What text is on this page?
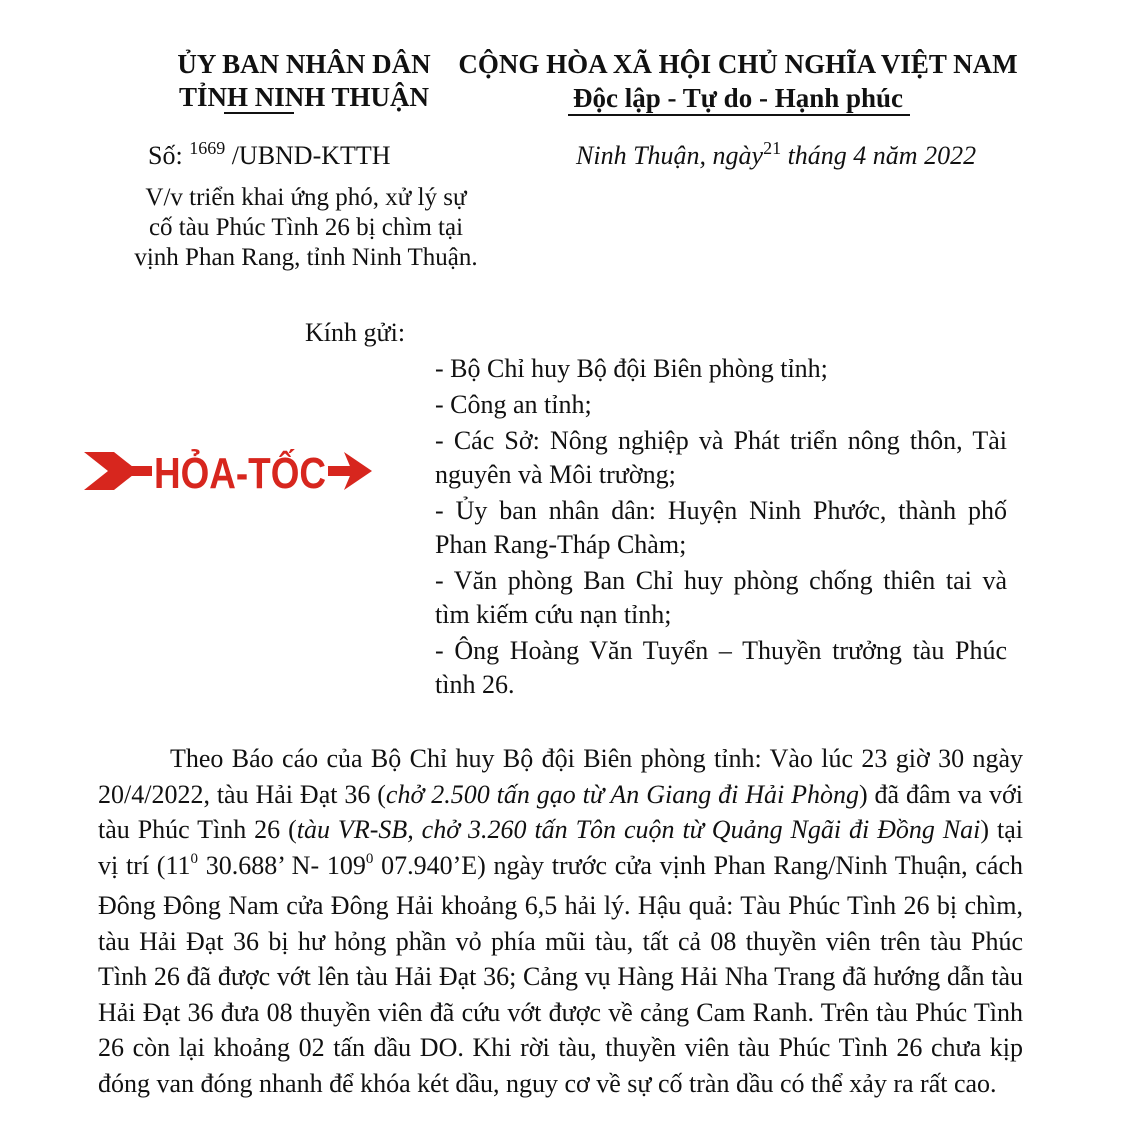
ỦY BAN NHÂN DÂN
TỈNH NINH THUẬN
Số: $^{1669}$ /UBND-KTTH
V/v triển khai ứng phó, xử lý sự
cố tàu Phúc Tình 26 bị chìm tại
vịnh Phan Rang, tỉnh Ninh Thuận.
CỘNG HÒA XÃ HỘI CHỦ NGHĨA VIỆT NAM
Độc lập - Tự do - Hạnh phúc
Ninh Thuận, ngày$^{21}$ tháng 4 năm 2022
Kính gửi:
HỎA-TỐC

- Bộ Chỉ huy Bộ đội Biên phòng tỉnh;

- Công an tỉnh;

- Các Sở: Nông nghiệp và Phát triển nông thôn, Tài nguyên và Môi trường;

- Ủy ban nhân dân: Huyện Ninh Phước, thành phố Phan Rang-Tháp Chàm;

- Văn phòng Ban Chỉ huy phòng chống thiên tai và tìm kiếm cứu nạn tỉnh;

- Ông Hoàng Văn Tuyển – Thuyền trưởng tàu Phúc tình 26.

Theo Báo cáo của Bộ Chỉ huy Bộ đội Biên phòng tỉnh: Vào lúc 23 giờ 30 ngày 20/4/2022, tàu Hải Đạt 36 (chở 2.500 tấn gạo từ An Giang đi Hải Phòng) đã đâm va với tàu Phúc Tình 26 (tàu VR-SB, chở 3.260 tấn Tôn cuộn từ Quảng Ngãi đi Đồng Nai) tại vị trí ($11^0$ 30.688’ N- $109^0$ 07.940’E) ngày trước cửa vịnh Phan Rang/Ninh Thuận, cách Đông Đông Nam cửa Đông Hải khoảng 6,5 hải lý. Hậu quả: Tàu Phúc Tình 26 bị chìm, tàu Hải Đạt 36 bị hư hỏng phần vỏ phía mũi tàu, tất cả 08 thuyền viên trên tàu Phúc Tình 26 đã được vớt lên tàu Hải Đạt 36; Cảng vụ Hàng Hải Nha Trang đã hướng dẫn tàu Hải Đạt 36 đưa 08 thuyền viên đã cứu vớt được về cảng Cam Ranh. Trên tàu Phúc Tình 26 còn lại khoảng 02 tấn dầu DO. Khi rời tàu, thuyền viên tàu Phúc Tình 26 chưa kịp đóng van đóng nhanh để khóa két dầu, nguy cơ về sự cố tràn dầu có thể xảy ra rất cao.
